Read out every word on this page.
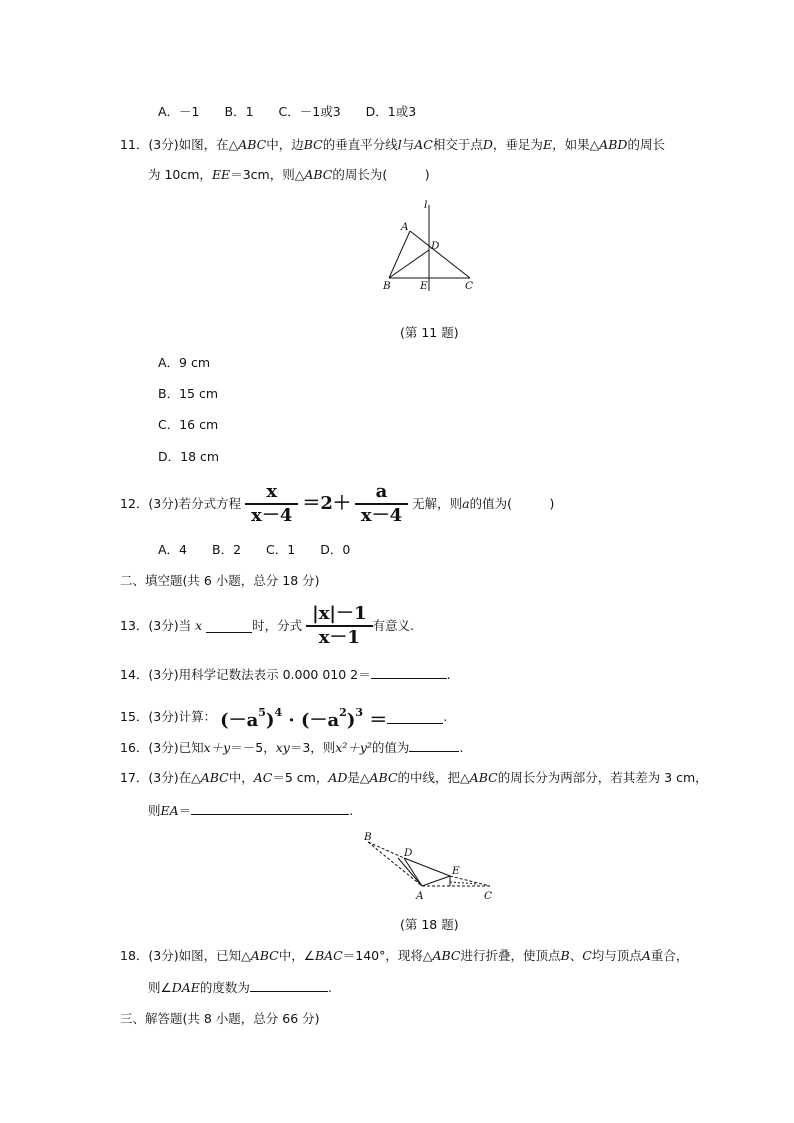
A．－1　　B．1　　C．－1或3　　D．1或3
11．(3分)如图，在△ABC中，边BC的垂直平分线l与AC相交于点D，垂足为E，如果△ABD的周长
为 10cm，EE＝3cm，则△ABC的周长为(　　　)
l
A
D
B	E	C
(第 11 题)
A．9 cm
B．15 cm
C．16 cm
D．18 cm
12．(3分)若分式方程 $\frac{x}{x-4} =2+ \frac{a}{x-4}$ 无解，则a的值为(　　　)
A．4　　B．2　　C．1　　D．0
二、填空题(共 6 小题，总分 18 分)
13．(3分)当 x	时，分式 $\frac{|x|-1}{x-1}$ 有意义.
14．(3分)用科学记数法表示 0.000 010 2＝	.
15．(3分)计算： $(-a^5)^4 \cdot (-a^2)^3$ ＝	.
16．(3分)已知x＋y＝－5，xy＝3，则x²＋y²的值为	.
17．(3分)在△ABC中，AC＝5 cm，AD是△ABC的中线，把△ABC的周长分为两部分，若其差为 3 cm，
则EA＝	.
B
D
E
A	C
(第 18 题)
18．(3分)如图，已知△ABC中，∠BAC＝140°，现将△ABC进行折叠，使顶点B、C均与顶点A重合，
则∠DAE的度数为	.
三、解答题(共 8 小题，总分 66 分)
